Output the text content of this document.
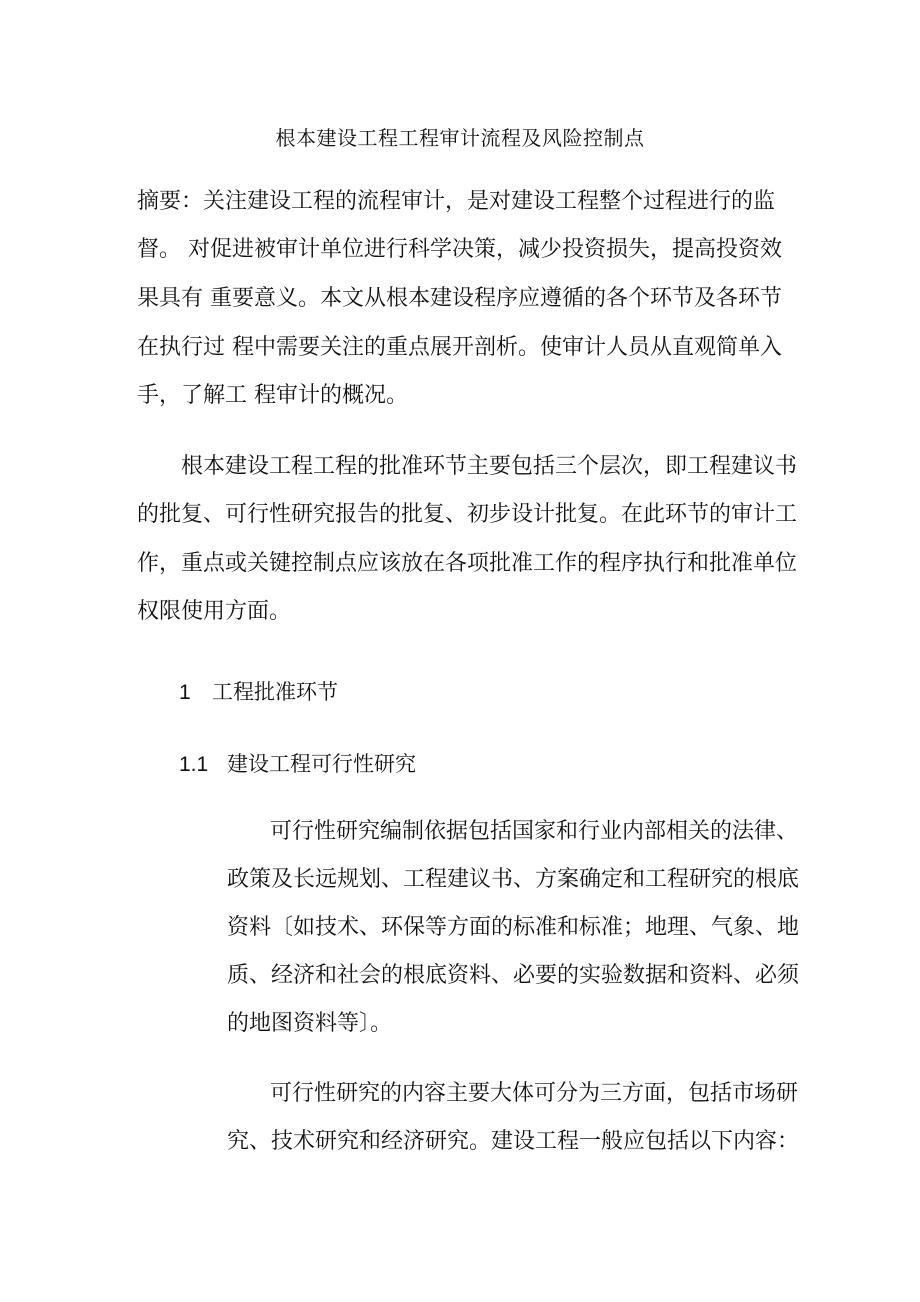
根本建设工程工程审计流程及风险控制点
摘要：关注建设工程的流程审计，是对建设工程整个过程进行的监
督。 对促进被审计单位进行科学决策，减少投资损失，提高投资效
果具有 重要意义。本文从根本建设程序应遵循的各个环节及各环节
在执行过 程中需要关注的重点展开剖析。使审计人员从直观简单入
手，了解工 程审计的概况。
根本建设工程工程的批准环节主要包括三个层次，即工程建议书
的批复、可行性研究报告的批复、初步设计批复。在此环节的审计工
作，重点或关键控制点应该放在各项批准工作的程序执行和批准单位
权限使用方面。
1 工程批准环节
1.1 建设工程可行性研究
可行性研究编制依据包括国家和行业内部相关的法律、
政策及长远规划、工程建议书、方案确定和工程研究的根底
资料〔如技术、环保等方面的标准和标准；地理、气象、地
质、经济和社会的根底资料、必要的实验数据和资料、必须
的地图资料等〕。
可行性研究的内容主要大体可分为三方面，包括市场研
究、技术研究和经济研究。建设工程一般应包括以下内容：
